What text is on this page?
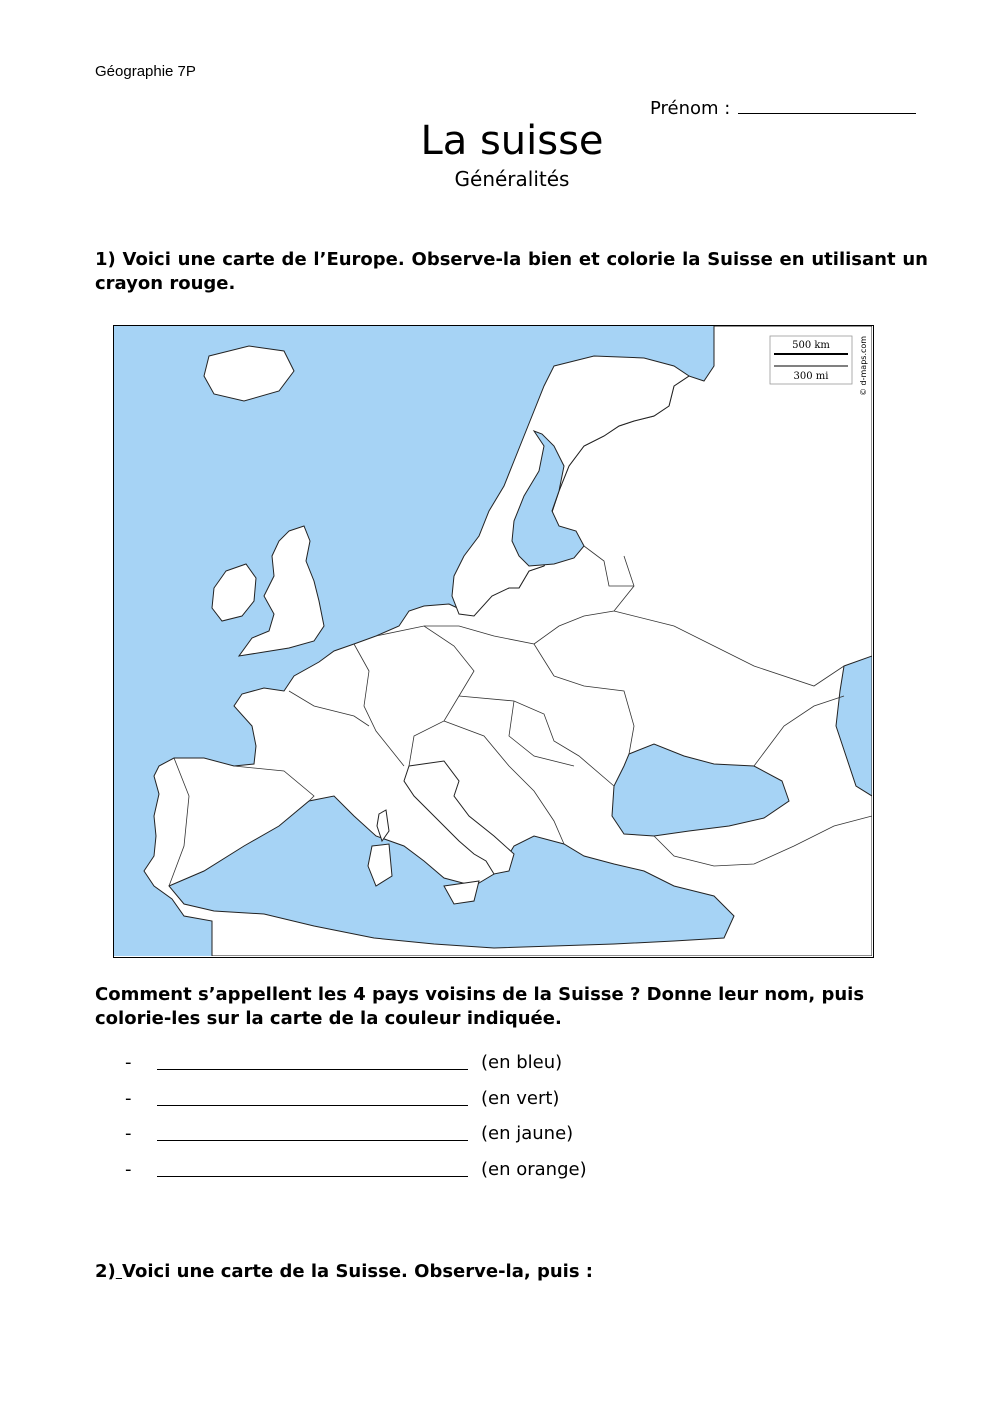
Géographie 7P
Prénom :
La suisse
Généralités
1) Voici une carte de l’Europe. Observe-la bien et colorie la Suisse en utilisant un crayon rouge.
500 km
300 mi	© d-maps.com
Comment s’appellent les 4 pays voisins de la Suisse ? Donne leur nom, puis colorie-les sur la carte de la couleur indiquée.
-	(en bleu)
-	(en vert)
-	(en jaune)
-	(en orange)
2) Voici une carte de la Suisse. Observe-la, puis :
